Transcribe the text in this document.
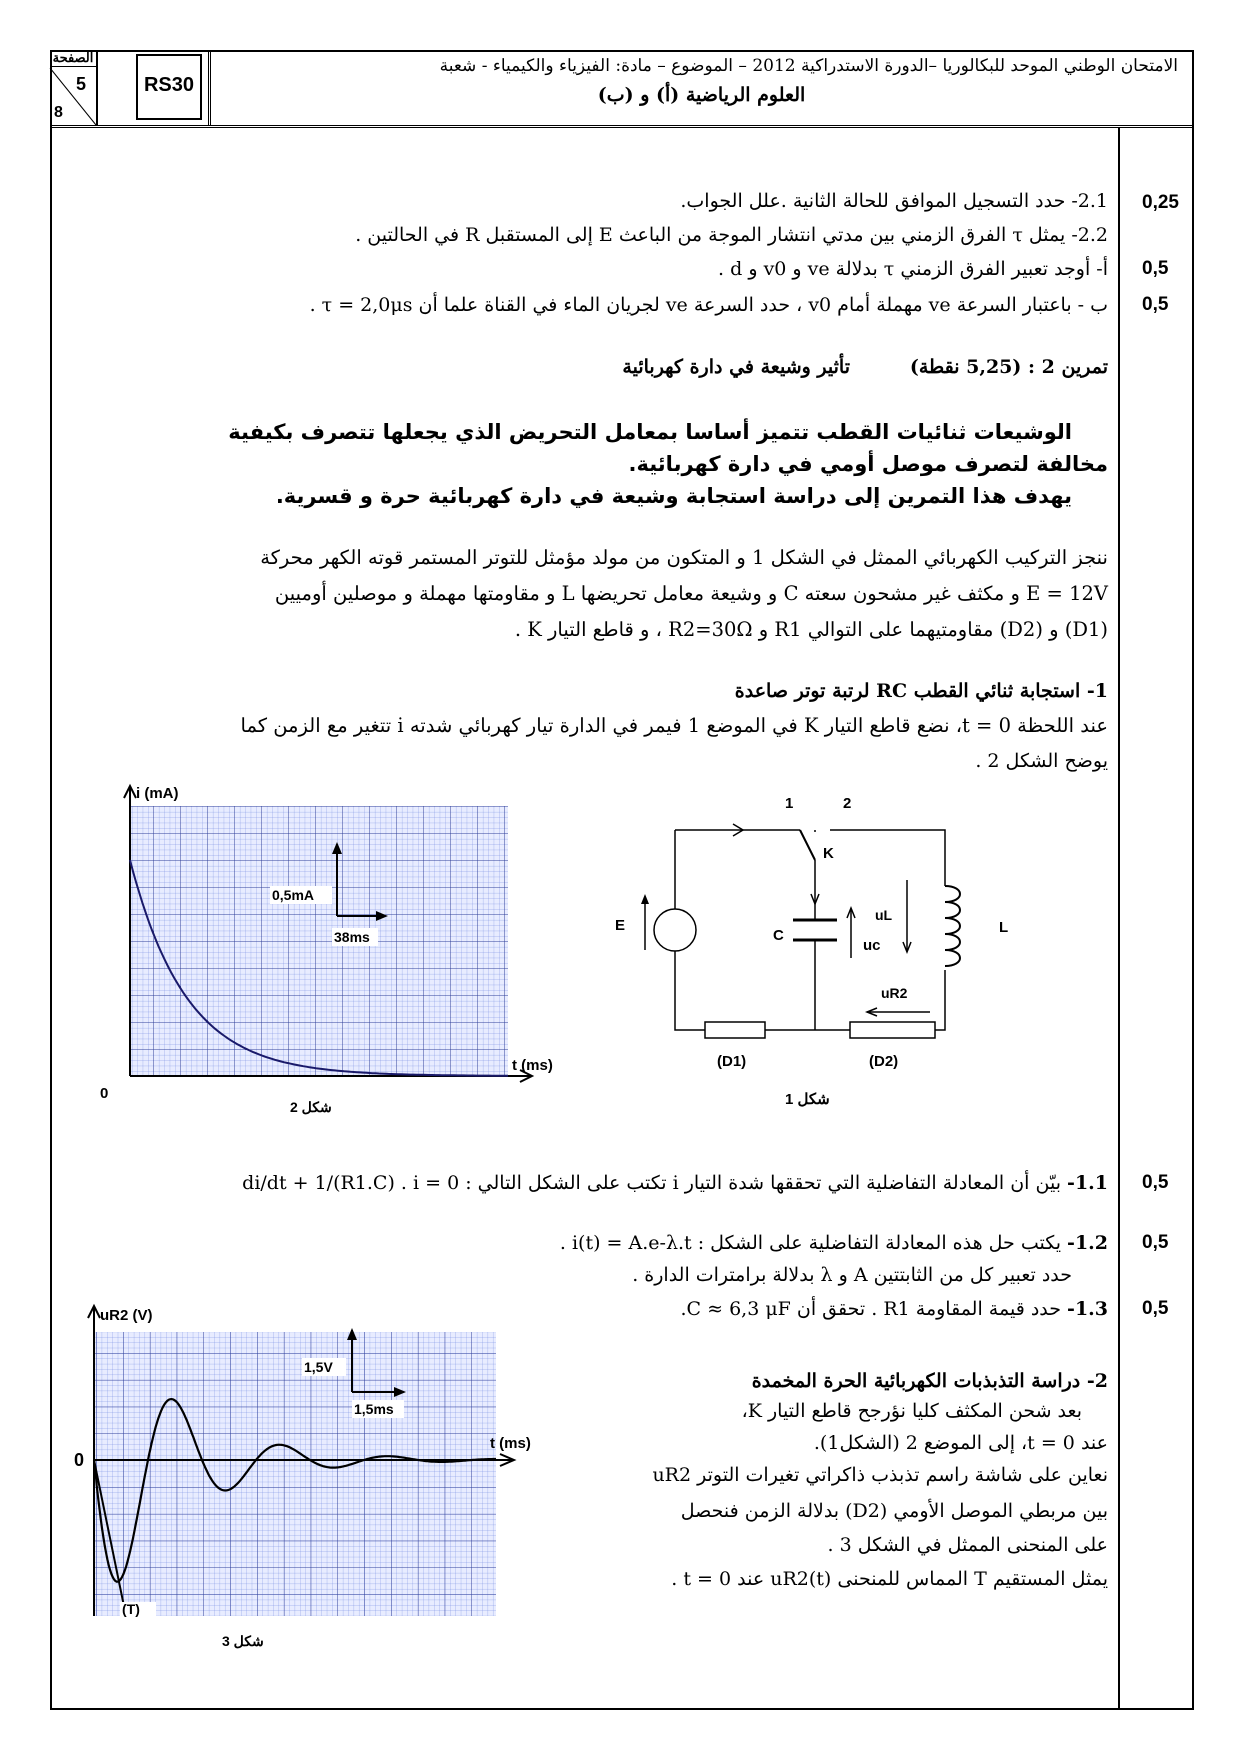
الصفحة
5
8
RS30
الامتحان الوطني الموحد للبكالوريا –الدورة الاستدراكية 2012 – الموضوع – مادة: الفيزياء والكيمياء - شعبة
العلوم الرياضية (أ) و (ب)
0,25
0,5
0,5
0,5
0,5
0,5
2.1- حدد التسجيل الموافق للحالة الثانية .علل الجواب.
2.2- يمثل τ الفرق الزمني بين مدتي انتشار الموجة من الباعث E إلى المستقبل R في الحالتين .
أ- أوجد تعبير الفرق الزمني τ بدلالة ve و v0 و d .
ب - باعتبار السرعة ve مهملة أمام v0 ، حدد السرعة ve لجريان الماء في القناة علما أن τ = 2,0μs .
تمرين 2 : (5,25 نقطة)
تأثير وشيعة في دارة كهربائية
الوشيعات ثنائيات القطب تتميز أساسا بمعامل التحريض الذي يجعلها تتصرف بكيفية
مخالفة لتصرف موصل أومي في دارة كهربائية.
يهدف هذا التمرين إلى دراسة استجابة وشيعة في دارة كهربائية حرة و قسرية.
ننجز التركيب الكهربائي الممثل في الشكل 1 و المتكون من مولد مؤمثل للتوتر المستمر قوته الكهر محركة
E = 12V و مكثف غير مشحون سعته C و وشيعة معامل تحريضها L و مقاومتها مهملة و موصلين أوميين
(D1) و (D2) مقاومتيهما على التوالي R1 و R2=30Ω ، و قاطع التيار K .
1- استجابة ثنائي القطب RC لرتبة توتر صاعدة
عند اللحظة t = 0، نضع قاطع التيار K في الموضع 1 فيمر في الدارة تيار كهربائي شدته i تتغير مع الزمن كما
يوضح الشكل 2 .
i (mA)
t (ms)
0
0,5mA
38ms
شكل 2
1	2
K
E
C
uc
uL
L
uR2
(D1)	(D2)
شكل 1
1.1- بيّن أن المعادلة التفاضلية التي تحققها شدة التيار i تكتب على الشكل التالي : di/dt + 1/(R1.C) . i = 0
1.2- يكتب حل هذه المعادلة التفاضلية على الشكل : i(t) = A.e-λ.t .
حدد تعبير كل من الثابتتين A و λ بدلالة برامترات الدارة .
1.3- حدد قيمة المقاومة R1 . تحقق أن C ≈ 6,3 μF.
2- دراسة التذبذبات الكهربائية الحرة المخمدة
بعد شحن المكثف كليا نؤرجح قاطع التيار K،
عند t = 0، إلى الموضع 2 (الشكل1).
نعاين على شاشة راسم تذبذب ذاكراتي تغيرات التوتر uR2
بين مربطي الموصل الأومي (D2) بدلالة الزمن فنحصل
على المنحنى الممثل في الشكل 3 .
يمثل المستقيم T المماس للمنحنى uR2(t) عند t = 0 .
uR2 (V)
t (ms)
0
1,5V
1,5ms
(T)
شكل 3
